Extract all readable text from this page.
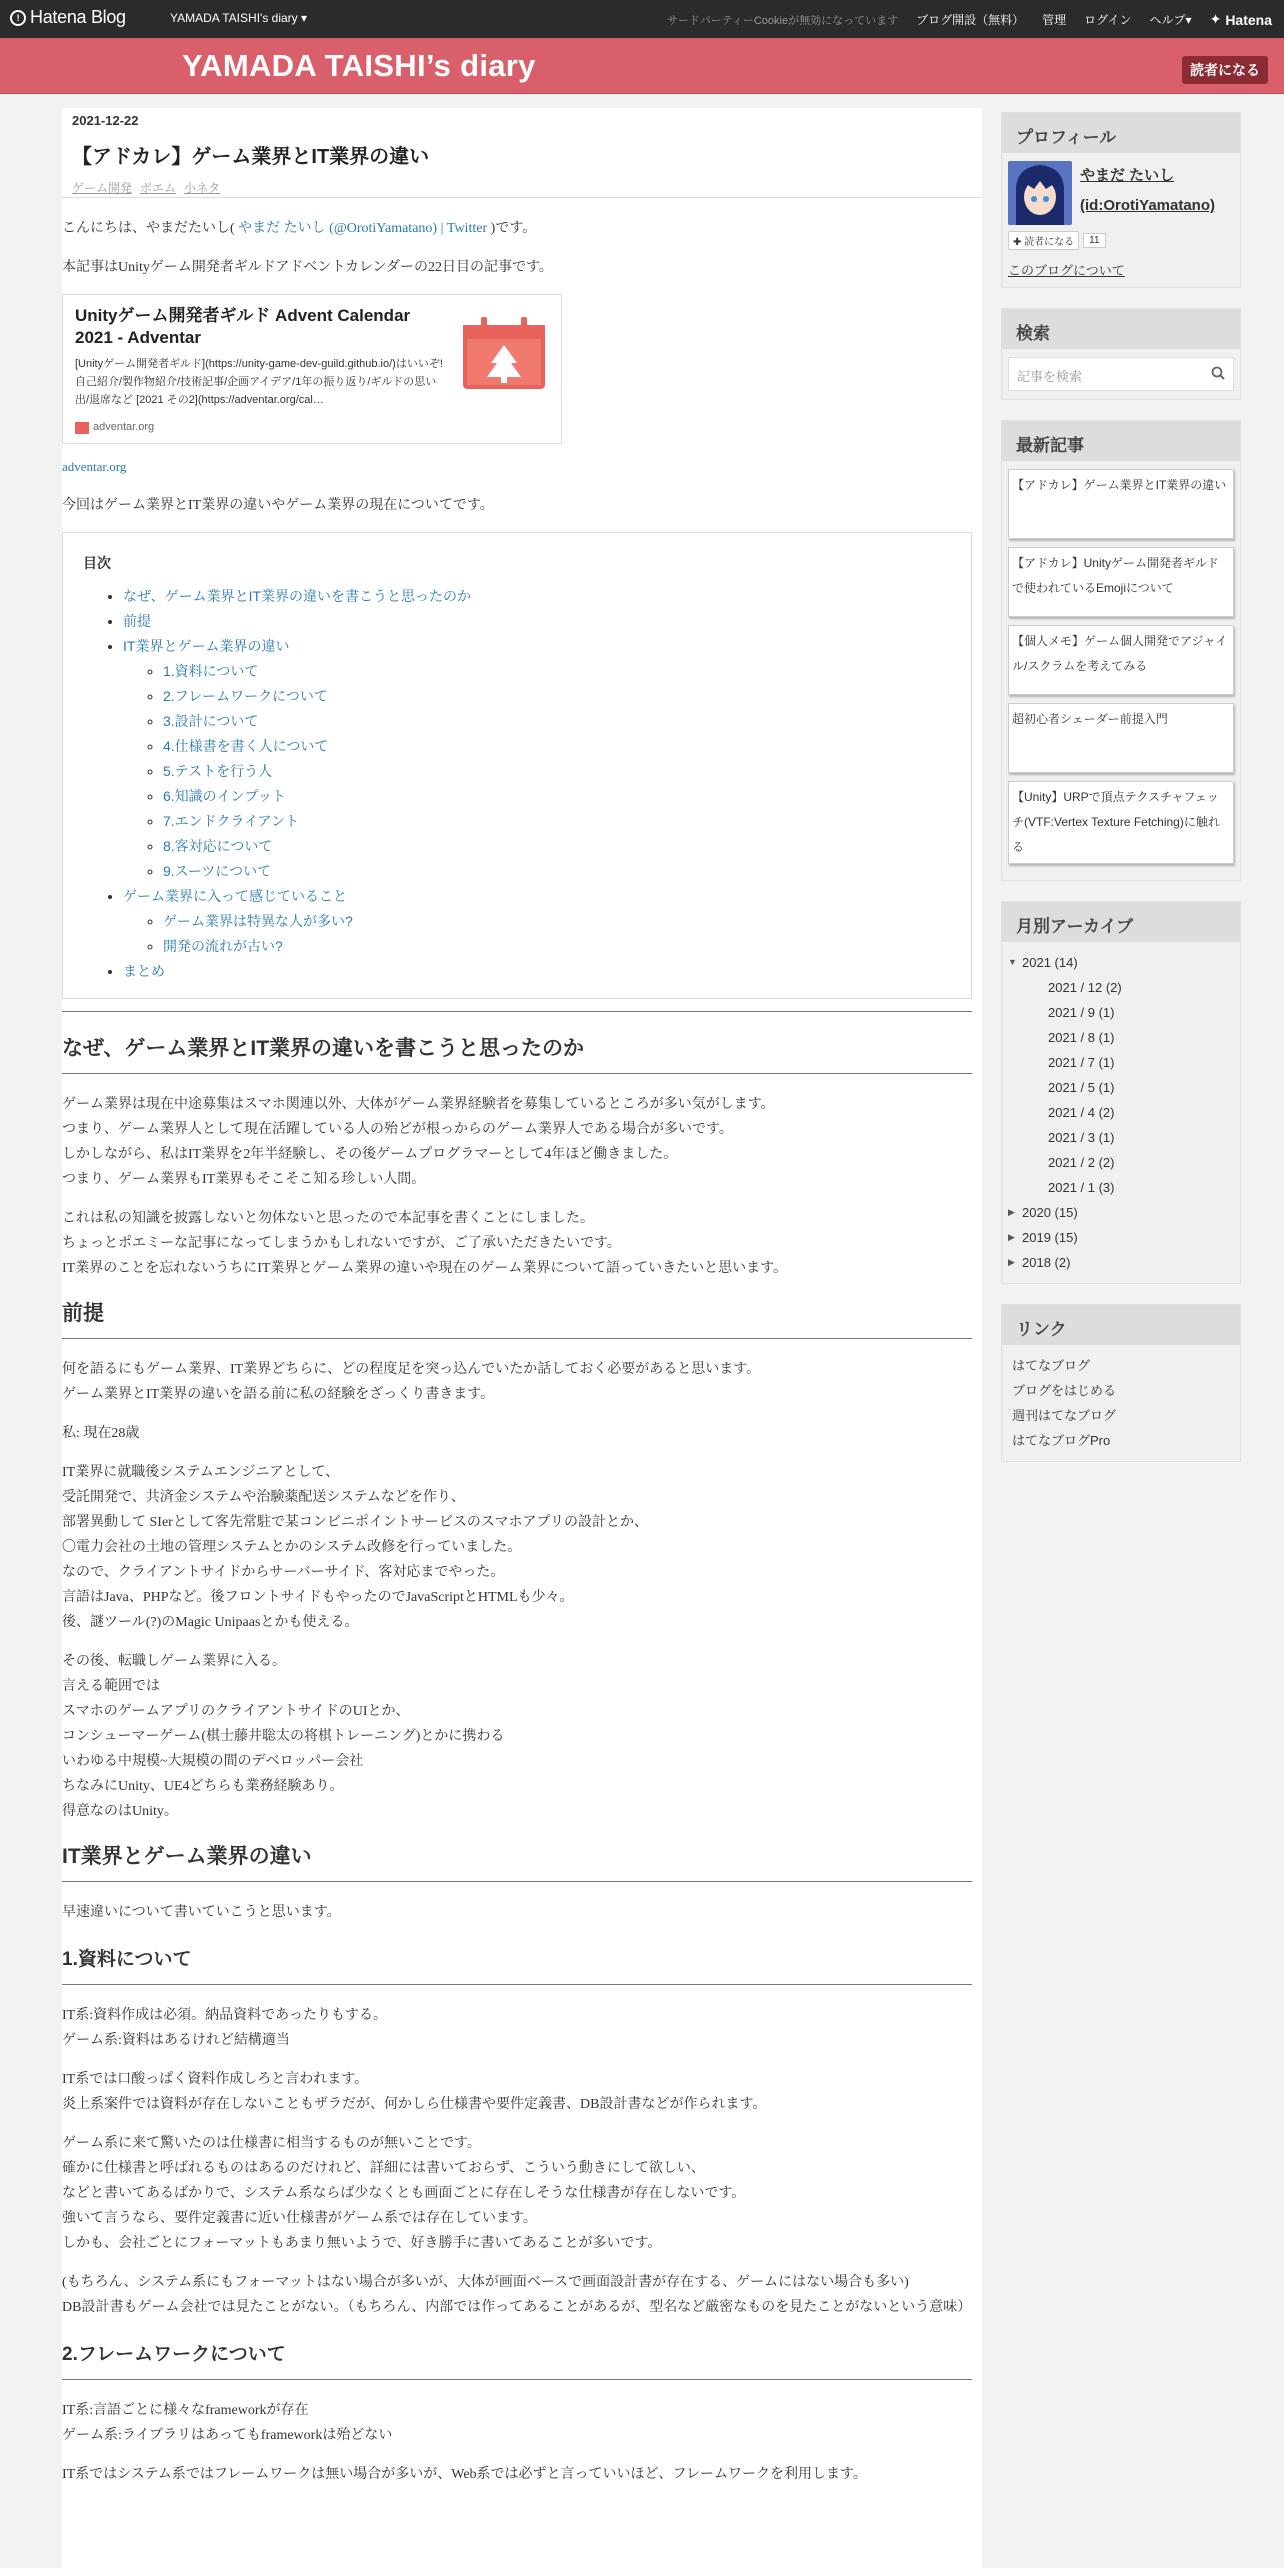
! Hatena Blog	YAMADA TAISHI's diary ▾	サードパーティーCookieが無効になっています ブログ開設（無料） 管理 ログイン ヘルプ▾ ✦ Hatena
YAMADA TAISHI’s diary	読者になる
2021-12-22
【アドカレ】ゲーム業界とIT業界の違い
ゲーム開発 ポエム 小ネタ

こんにちは、やまだたいし( やまだ たいし (@OrotiYamatano) | Twitter )です。

本記事はUnityゲーム開発者ギルドアドベントカレンダーの22日目の記事です。

Unityゲーム開発者ギルド Advent Calendar 2021 - Adventar
[Unityゲーム開発者ギルド](https://unity-game-dev-guild.github.io/)はいいぞ!自己紹介/製作物紹介/技術記事/企画アイデア/1年の振り返り/ギルドの思い出/退席など [2021 その2](https://adventar.org/cal…
adventar.org

adventar.org

今回はゲーム業界とIT業界の違いやゲーム業界の現在についてです。

目次
• なぜ、ゲーム業界とIT業界の違いを書こうと思ったのか
• 前提
• IT業界とゲーム業界の違い
◦ 1.資料について
◦ 2.フレームワークについて
◦ 3.設計について
◦ 4.仕様書を書く人について
◦ 5.テストを行う人
◦ 6.知識のインプット
◦ 7.エンドクライアント
◦ 8.客対応について
◦ 9.スーツについて
• ゲーム業界に入って感じていること
◦ ゲーム業界は特異な人が多い?
◦ 開発の流れが古い?
• まとめ
なぜ、ゲーム業界とIT業界の違いを書こうと思ったのか

ゲーム業界は現在中途募集はスマホ関連以外、大体がゲーム業界経験者を募集しているところが多い気がします。
つまり、ゲーム業界人として現在活躍している人の殆どが根っからのゲーム業界人である場合が多いです。
しかしながら、私はIT業界を2年半経験し、その後ゲームプログラマーとして4年ほど働きました。
つまり、ゲーム業界もIT業界もそこそこ知る珍しい人間。

これは私の知識を披露しないと勿体ないと思ったので本記事を書くことにしました。
ちょっとポエミーな記事になってしまうかもしれないですが、ご了承いただきたいです。
IT業界のことを忘れないうちにIT業界とゲーム業界の違いや現在のゲーム業界について語っていきたいと思います。

前提

何を語るにもゲーム業界、IT業界どちらに、どの程度足を突っ込んでいたか話しておく必要があると思います。
ゲーム業界とIT業界の違いを語る前に私の経験をざっくり書きます。

私: 現在28歳

IT業界に就職後システムエンジニアとして、
受託開発で、共済金システムや治験薬配送システムなどを作り、
部署異動して SIerとして客先常駐で某コンビニポイントサービスのスマホアプリの設計とか、
〇電力会社の土地の管理システムとかのシステム改修を行っていました。
なので、クライアントサイドからサーバーサイド、客対応までやった。
言語はJava、PHPなど。後フロントサイドもやったのでJavaScriptとHTMLも少々。
後、謎ツール(?)のMagic Unipaasとかも使える。

その後、転職しゲーム業界に入る。
言える範囲では
スマホのゲームアプリのクライアントサイドのUIとか、
コンシューマーゲーム(棋士藤井聡太の将棋トレーニング)とかに携わる
いわゆる中規模~大規模の間のデベロッパー会社
ちなみにUnity、UE4どちらも業務経験あり。
得意なのはUnity。

IT業界とゲーム業界の違い

早速違いについて書いていこうと思います。

1.資料について

IT系:資料作成は必須。納品資料であったりもする。
ゲーム系:資料はあるけれど結構適当

IT系では口酸っぱく資料作成しろと言われます。
炎上系案件では資料が存在しないこともザラだが、何かしら仕様書や要件定義書、DB設計書などが作られます。

ゲーム系に来て驚いたのは仕様書に相当するものが無いことです。
確かに仕様書と呼ばれるものはあるのだけれど、詳細には書いておらず、こういう動きにして欲しい、
などと書いてあるばかりで、システム系ならば少なくとも画面ごとに存在しそうな仕様書が存在しないです。
強いて言うなら、要件定義書に近い仕様書がゲーム系では存在しています。
しかも、会社ごとにフォーマットもあまり無いようで、好き勝手に書いてあることが多いです。

(もちろん、システム系にもフォーマットはない場合が多いが、大体が画面ベースで画面設計書が存在する、ゲームにはない場合も多い)
DB設計書もゲーム会社では見たことがない。（もちろん、内部では作ってあることがあるが、型名など厳密なものを見たことがないという意味）

2.フレームワークについて

IT系:言語ごとに様々なframeworkが存在
ゲーム系:ライブラリはあってもframeworkは殆どない

IT系ではシステム系ではフレームワークは無い場合が多いが、Web系では必ずと言っていいほど、フレームワークを利用します。

プロフィール
やまだ たいし
(id:OrotiYamatano)
✚ 読者になる	11
このブログについて
検索
記事を検索
最新記事
【アドカレ】ゲーム業界とIT業界の違い
【アドカレ】Unityゲーム開発者ギルドで使われているEmojiについて
【個人メモ】ゲーム個人開発でアジャイル/スクラムを考えてみる
超初心者シェーダー前提入門
【Unity】URPで頂点テクスチャフェッチ(VTF:Vertex Texture Fetching)に触れる
月別アーカイブ
▼ 2021 (14)
2021 / 12 (2)
2021 / 9 (1)
2021 / 8 (1)
2021 / 7 (1)
2021 / 5 (1)
2021 / 4 (2)
2021 / 3 (1)
2021 / 2 (2)
2021 / 1 (3)
▶ 2020 (15)
▶ 2019 (15)
▶ 2018 (2)
リンク
はてなブログ
ブログをはじめる
週刊はてなブログ
はてなブログPro
